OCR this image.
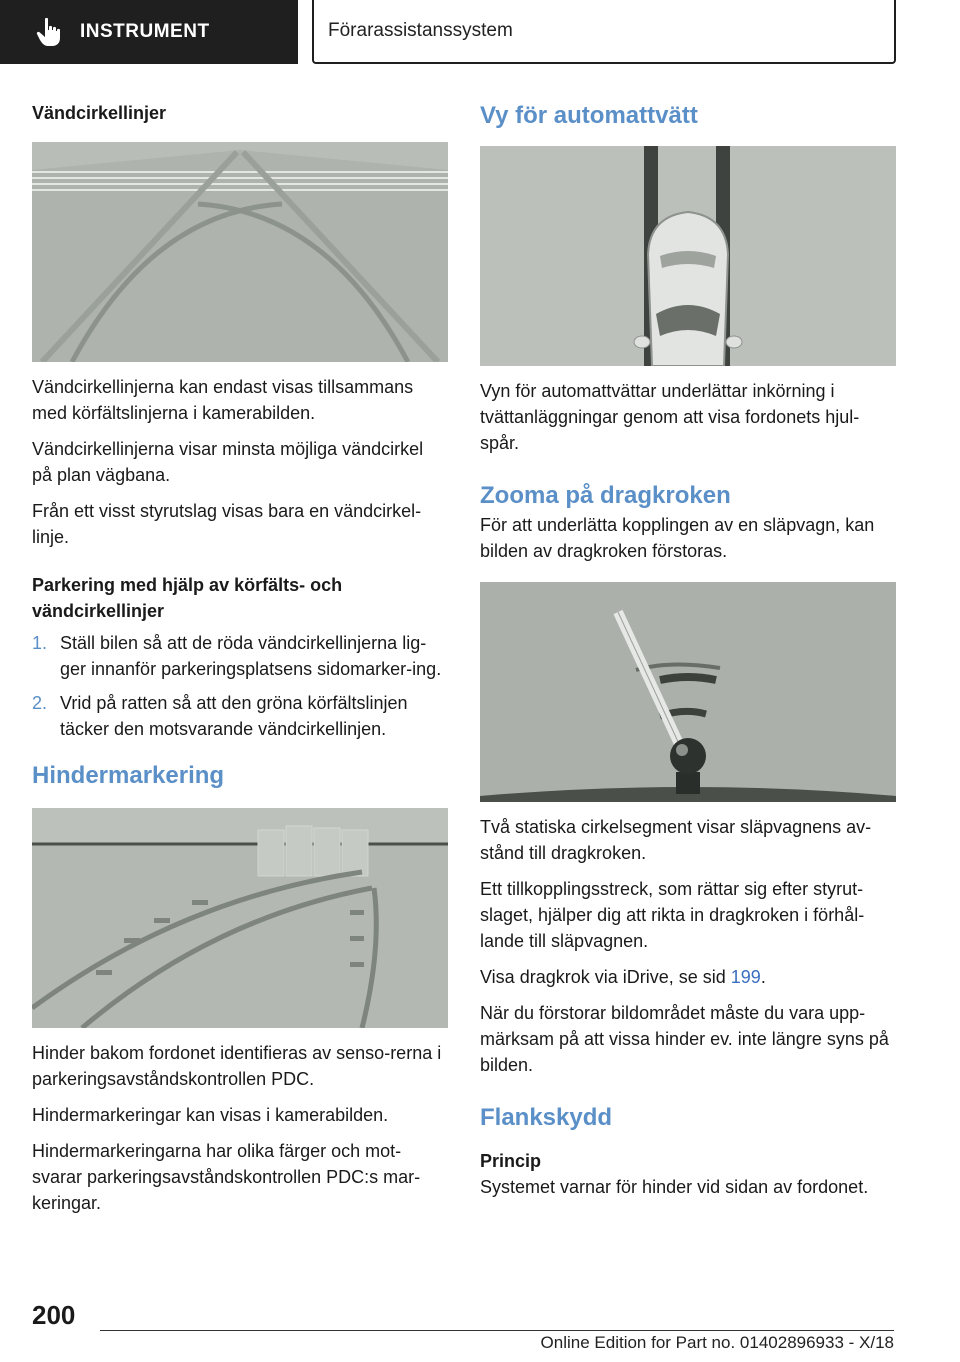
INSTRUMENT	Förarassistanssystem
Vändcirkellinjer

Vändcirkellinjerna kan endast visas tillsammans med körfältslinjerna i kamerabilden.

Vändcirkellinjerna visar minsta möjliga vändcirkel på plan vägbana.

Från ett visst styrutslag visas bara en vändcirkel‐linje.

Parkering med hjälp av körfälts- och vändcirkellinjer
1. Ställ bilen så att de röda vändcirkellinjerna lig‐ger innanför parkeringsplatsens sidomarker‐ing.
2. Vrid på ratten så att den gröna körfältslinjen täcker den motsvarande vändcirkellinjen.
Hindermarkering

Hinder bakom fordonet identifieras av senso‐rerna i parkeringsavståndskontrollen PDC.

Hindermarkeringar kan visas i kamerabilden.

Hindermarkeringarna har olika färger och mot‐svarar parkeringsavståndskontrollen PDC:s mar‐keringar.

Vy för automattvätt

Vyn för automattvättar underlättar inkörning i tvättanläggningar genom att visa fordonets hjul‐spår.

Zooma på dragkroken

För att underlätta kopplingen av en släpvagn, kan bilden av dragkroken förstoras.

Två statiska cirkelsegment visar släpvagnens av‐stånd till dragkroken.

Ett tillkopplingsstreck, som rättar sig efter styrut‐slaget, hjälper dig att rikta in dragkroken i förhål‐lande till släpvagnen.

Visa dragkrok via iDrive, se sid 199.

När du förstorar bildområdet måste du vara upp‐märksam på att vissa hinder ev. inte längre syns på bilden.

Flankskydd
Princip

Systemet varnar för hinder vid sidan av fordonet.

200
Online Edition for Part no. 01402896933 - X/18
